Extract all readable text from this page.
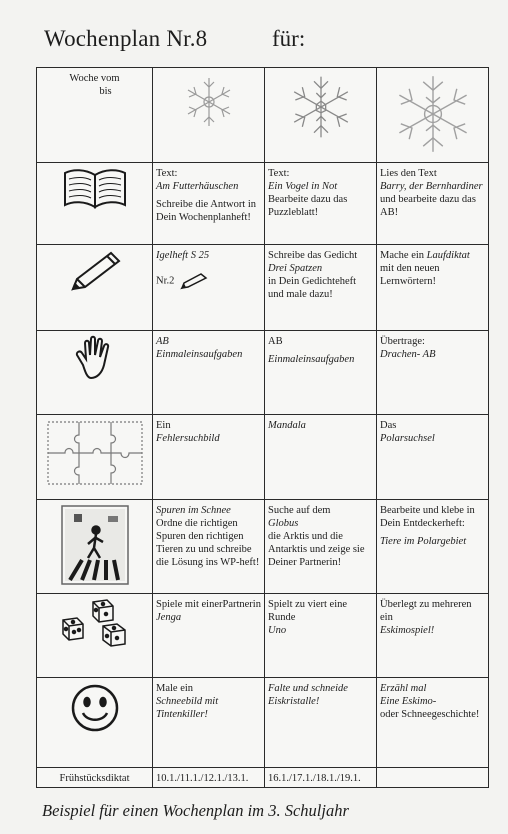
Wochenplan Nr.8	für:
Woche vom
bis

	Text:
Am Futterhäuschen
Schreibe die Antwort in Dein Wochenplanheft!	Text:
Ein Vogel in Not
Bearbeite dazu das Puzzleblatt!	Lies den Text
Barry, der Bernhardiner und bearbeite dazu das AB!

	Igelheft S 25
Nr.2	Schreibe das Gedicht
Drei Spatzen
in Dein Gedichteheft und male dazu!	Mache ein Laufdiktat mit den neuen Lernwörtern!

	AB
Einmaleinsaufgaben	AB
Einmaleinsaufgaben	Übertrage:
Drachen- AB

	Ein
Fehlersuchbild	Mandala	Das
Polarsuchsel

	Spuren im Schnee
Ordne die richtigen Spuren den richtigen Tieren zu und schreibe die Lösung ins WP-heft!	Suche auf dem
Globus
die Arktis und die Antarktis und zeige sie Deiner Partnerin!	Bearbeite und klebe in Dein Entdeckerheft:
Tiere im Polargebiet

	Spiele mit einerPartnerin
Jenga	Spielt zu viert eine Runde
Uno	Überlegt zu mehreren ein
Eskimospiel!

	Male ein
Schneebild mit Tintenkiller!	Falte und schneide Eiskristalle!	Erzähl mal
Eine Eskimo-
oder Schneegeschichte!
Frühstücksdiktat	10.1./11.1./12.1./13.1.	16.1./17.1./18.1./19.1.	
Beispiel für einen Wochenplan im 3. Schuljahr
